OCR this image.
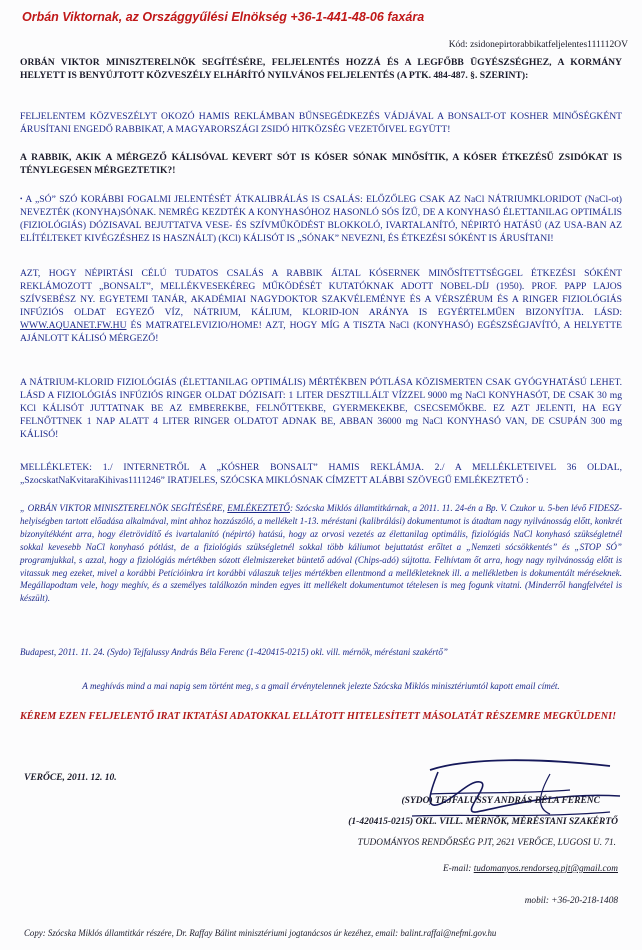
Orbán Viktornak, az Országgyűlési Elnökség +36-1-441-48-06 faxára
Kód: zsidonepirtorabbikatfeljelentes111112OV
ORBÁN VIKTOR MINISZTERELNÖK SEGÍTÉSÉRE, FELJELENTÉS HOZZÁ ÉS A LEGFŐBB ÜGYÉSZSÉGHEZ, A KORMÁNY HELYETT IS BENYÚJTOTT KÖZVESZÉLY ELHÁRÍTÓ NYILVÁNOS FELJELENTÉS (A PTK. 484-487. §. SZERINT):
FELJELENTEM KÖZVESZÉLYT OKOZÓ HAMIS REKLÁMBAN BŰNSEGÉDKEZÉS VÁDJÁVAL A BONSALT-OT KOSHER MINŐSÉGKÉNT ÁRUSÍTANI ENGEDŐ RABBIKAT, A MAGYARORSZÁGI ZSIDÓ HITKÖZSÉG VEZETŐIVEL EGYÜTT!
A RABBIK, AKIK A MÉRGEZŐ KÁLISÓVAL KEVERT SÓT IS KÓSER SÓNAK MINŐSÍTIK, A KÓSER ÉTKEZÉSŰ ZSIDÓKAT IS TÉNYLEGESEN MÉRGEZTETIK?!
• A „SÓ” SZÓ KORÁBBI FOGALMI JELENTÉSÉT ÁTKALIBRÁLÁS IS CSALÁS: ELŐZŐLEG CSAK AZ NaCl NÁTRIUMKLORIDOT (NaCl-ot) NEVEZTÉK (KONYHA)SÓNAK. NEMRÉG KEZDTÉK A KONYHASÓHOZ HASONLÓ SÓS ÍZŰ, DE A KONYHASÓ ÉLETTANILAG OPTIMÁLIS (FIZIOLÓGIÁS) DÓZISAVAL BEJUTTATVA VESE- ÉS SZÍVMŰKÖDÉST BLOKKOLÓ, IVARTALANÍTÓ, NÉPIRTÓ HATÁSÚ (AZ USA-BAN AZ ELÍTÉLTEKET KIVÉGZÉSHEZ IS HASZNÁLT) (KCl) KÁLISÓT IS „SÓNAK” NEVEZNI, ÉS ÉTKEZÉSI SÓKÉNT IS ÁRUSÍTANI!
AZT, HOGY NÉPIRTÁSI CÉLÚ TUDATOS CSALÁS A RABBIK ÁLTAL KÓSERNEK MINŐSÍTETTSÉGGEL ÉTKEZÉSI SÓKÉNT REKLÁMOZOTT „BONSALT”, MELLÉKVESEKÉREG MŰKÖDÉSÉT KUTATÓKNAK ADOTT NOBEL-DÍJ (1950). PROF. PAPP LAJOS SZÍVSEBÉSZ NY. EGYETEMI TANÁR, AKADÉMIAI NAGYDOKTOR SZAKVÉLEMÉNYE ÉS A VÉRSZÉRUM ÉS A RINGER FIZIOLÓGIÁS INFÚZIÓS OLDAT EGYEZŐ VÍZ, NÁTRIUM, KÁLIUM, KLORID-ION ARÁNYA IS EGYÉRTELMŰEN BIZONYÍTJA. LÁSD: WWW.AQUANET.FW.HU ÉS MATRATELEVIZIO/HOME! AZT, HOGY MÍG A TISZTA NaCl (KONYHASÓ) EGÉSZSÉGJAVÍTÓ, A HELYETTE AJÁNLOTT KÁLISÓ MÉRGEZŐ!
A NÁTRIUM-KLORID FIZIOLÓGIÁS (ÉLETTANILAG OPTIMÁLIS) MÉRTÉKBEN PÓTLÁSA KÖZISMERTEN CSAK GYÓGYHATÁSÚ LEHET. LÁSD A FIZIOLÓGIÁS INFÚZIÓS RINGER OLDAT DÓZISAIT: 1 LITER DESZTILLÁLT VÍZZEL 9000 mg NaCl KONYHASÓT, DE CSAK 30 mg KCl KÁLISÓT JUTTATNAK BE AZ EMBEREKBE, FELNŐTTEKBE, GYERMEKEKBE, CSECSEMŐKBE. EZ AZT JELENTI, HA EGY FELNŐTTNEK 1 NAP ALATT 4 LITER RINGER OLDATOT ADNAK BE, ABBAN 36000 mg NaCl KONYHASÓ VAN, DE CSUPÁN 300 mg KÁLISÓ!
MELLÉKLETEK: 1./ INTERNETRŐL A „KÓSHER BONSALT” HAMIS REKLÁMJA. 2./ A MELLÉKLETEIVEL 36 OLDAL, „SzocskatNaKvitaraKihivas1111246” IRATJELES, SZÓCSKA MIKLÓSNAK CÍMZETT ALÁBBI SZÖVEGŰ EMLÉKEZTETŐ :
„ ORBÁN VIKTOR MINISZTERELNÖK SEGÍTÉSÉRE, EMLÉKEZTETŐ: Szócska Miklós államtitkárnak, a 2011. 11. 24-én a Bp. V. Czukor u. 5-ben lévő FIDESZ-helyiségben tartott előadása alkalmával, mint ahhoz hozzászóló, a mellékelt 1-13. méréstani (kalibrálási) dokumentumot is átadtam nagy nyilvánosság előtt, konkrét bizonyítékként arra, hogy életrövidítő és ivartalanító (népirtó) hatású, hogy az orvosi vezetés az élettanilag optimális, fiziológiás NaCl konyhasó szükségletnél sokkal kevesebb NaCl konyhasó pótlást, de a fiziológiás szükségletnél sokkal több káliumot bejuttatást erőltet a „Nemzeti sócsökkentés” és „STOP SÓ” programjukkal, s azzal, hogy a fiziológiás mértékben sózott élelmiszereket büntető adóval (Chips-adó) sújtotta. Felhívtam őt arra, hogy nagy nyilvánosság előtt is vitassuk meg ezeket, mivel a korábbi Petícióinkra írt korábbi válaszuk teljes mértékben ellentmond a mellékleteknek ill. a mellékletben is dokumentált méréseknek. Megállapodtam vele, hogy meghív, és a személyes találkozón minden egyes itt mellékelt dokumentumot tételesen is meg fogunk vitatni. (Minderről hangfelvétel is készült).
Budapest, 2011. 11. 24. (Sydo) Tejfalussy András Béla Ferenc (1-420415-0215) okl. vill. mérnök, méréstani szakértő”
A meghívás mind a mai napig sem történt meg, s a gmail érvénytelennek jelezte Szócska Miklós minisztériumtól kapott email címét.
KÉREM EZEN FELJELENTŐ IRAT IKTATÁSI ADATOKKAL ELLÁTOTT HITELESÍTETT MÁSOLATÁT RÉSZEMRE MEGKÜLDENI!
VERŐCE, 2011. 12. 10.
(SYDO) TEJFALUSSY ANDRÁS BÉLA FERENC
(1-420415-0215) OKL. VILL. MÉRNÖK, MÉRÉSTANI SZAKÉRTŐ
TUDOMÁNYOS RENDŐRSÉG PJT, 2621 VERŐCE, LUGOSI U. 71.
E-mail: tudomanyos.rendorseg.pjt@gmail.com
mobil: +36-20-218-1408
Copy: Szócska Miklós államtitkár részére, Dr. Raffay Bálint minisztériumi jogtanácsos úr kezéhez, email: balint.raffai@nefmi.gov.hu
